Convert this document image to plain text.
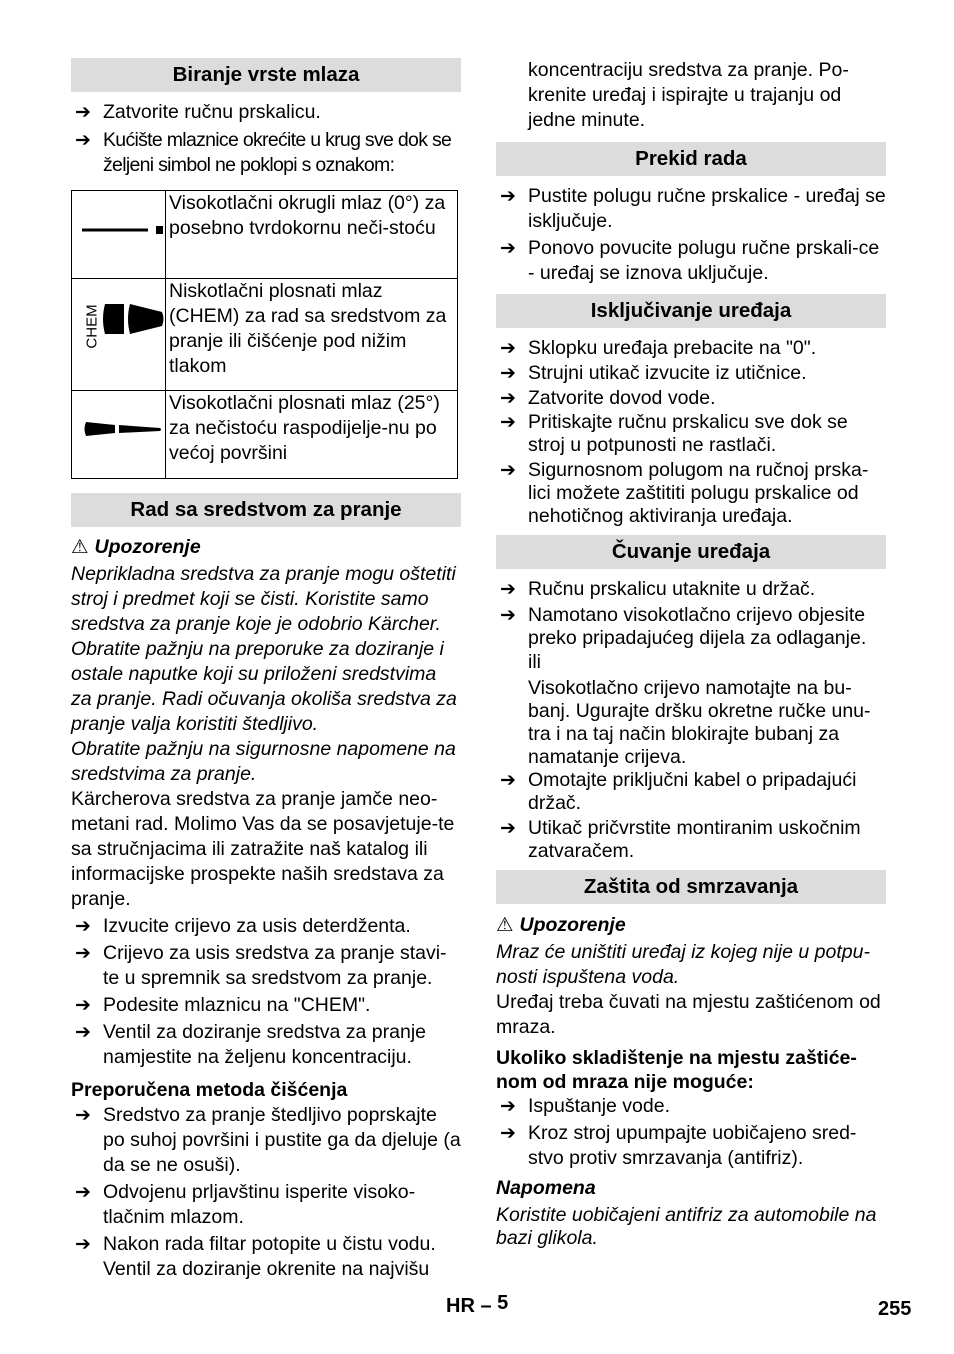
Biranje vrste mlaza
➔ Zatvorite ručnu prskalicu.
➔ Kućište mlaznice okrećite u krug sve dok se željeni simbol ne poklopi s oznakom:
	Visokotlačni okrugli mlaz (0°) za posebno tvrdokornu neči-stoću

CHEM	Niskotlačni plosnati mlaz (CHEM) za rad sa sredstvom za pranje ili čišćenje pod nižim tlakom
	Visokotlačni plosnati mlaz (25°) za nečistoću raspodijelje-nu po većoj površini
Rad sa sredstvom za pranje
⚠ Upozorenje
Neprikladna sredstva za pranje mogu oštetiti stroj i predmet koji se čisti. Koristite samo sredstva za pranje koje je odobrio Kärcher. Obratite pažnju na preporuke za doziranje i ostale naputke koji su priloženi sredstvima za pranje. Radi očuvanja okoliša sredstva za pranje valja koristiti štedljivo.
Obratite pažnju na sigurnosne napomene na sredstvima za pranje.
Kärcherova sredstva za pranje jamče neo-metani rad. Molimo Vas da se posavjetuje-te sa stručnjacima ili zatražite naš katalog ili informacijske prospekte naših sredstava za pranje.
➔ Izvucite crijevo za usis deterdženta.
➔ Crijevo za usis sredstva za pranje stavi-te u spremnik sa sredstvom za pranje.
➔ Podesite mlaznicu na "CHEM".
➔ Ventil za doziranje sredstva za pranje namjestite na željenu koncentraciju.
Preporučena metoda čišćenja
➔ Sredstvo za pranje štedljivo poprskajte po suhoj površini i pustite ga da djeluje (a da se ne osuši).
➔ Odvojenu prljavštinu isperite visoko-tlačnim mlazom.
➔ Nakon rada filtar potopite u čistu vodu. Ventil za doziranje okrenite na najvišu
koncentraciju sredstva za pranje. Po-krenite uređaj i ispirajte u trajanju od jedne minute.
Prekid rada
➔ Pustite polugu ručne prskalice - uređaj se isključuje.
➔ Ponovo povucite polugu ručne prskali-ce - uređaj se iznova uključuje.
Isključivanje uređaja
➔ Sklopku uređaja prebacite na "0".
➔ Strujni utikač izvucite iz utičnice.
➔ Zatvorite dovod vode.
➔ Pritiskajte ručnu prskalicu sve dok se stroj u potpunosti ne rastlači.
➔ Sigurnosnom polugom na ručnoj prska-lici možete zaštititi polugu prskalice od nehotičnog aktiviranja uređaja.
Čuvanje uređaja
➔ Ručnu prskalicu utaknite u držač.
➔ Namotano visokotlačno crijevo objesite preko pripadajućeg dijela za odlaganje.
ili
Visokotlačno crijevo namotajte na bu-banj. Ugurajte dršku okretne ručke unu-tra i na taj način blokirajte bubanj za namatanje crijeva.
➔ Omotajte priključni kabel o pripadajući držač.
➔ Utikač pričvrstite montiranim uskočnim zatvaračem.
Zaštita od smrzavanja
⚠ Upozorenje
Mraz će uništiti uređaj iz kojeg nije u potpu-nosti ispuštena voda.
Uređaj treba čuvati na mjestu zaštićenom od mraza.
Ukoliko skladištenje na mjestu zaštiće-nom od mraza nije moguće:
➔ Ispuštanje vode.
➔ Kroz stroj upumpajte uobičajeno sred-stvo protiv smrzavanja (antifriz).
Napomena
Koristite uobičajeni antifriz za automobile na bazi glikola.
HR – 5	255
